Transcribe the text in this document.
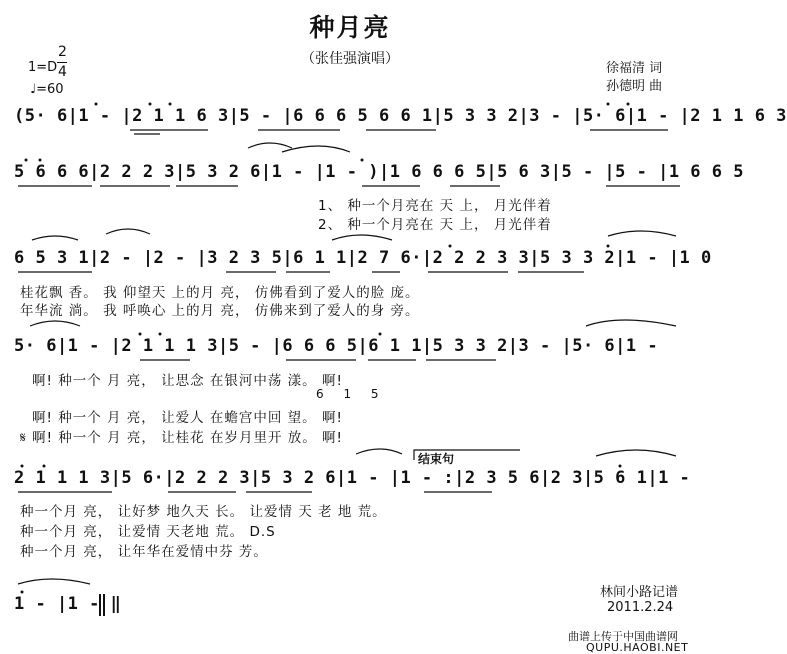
种月亮
（张佳强演唱）
1=D
2
4
♩=60
徐福清 词
孙德明 曲
(5· 6|1 - |2 1 1 6 3|5 - |6 6 6 5 6 6 1|5 3 3 2|3 - |5· 6|1 - |2 1 1 6 3
5 6 6 6|2 2 2 3|5 3 2 6|1 - |1 - )|1 6 6 6 5|5 6 3|5 - |5 - |1 6 6 5
1、 种一个月亮在 天 上， 月光伴着
2、 种一个月亮在 天 上， 月光伴着
6 5 3 1|2 - |2 - |3 2 3 5|6 1 1|2 7 6·|2 2 2 3 3|5 3 3 2|1 - |1 0
桂花飘 香。 我 仰望天 上的月 亮， 仿佛看到了爱人的脸 庞。
年华流 淌。 我 呼唤心 上的月 亮， 仿佛来到了爱人的身 旁。
5· 6|1 - |2 1 1 1 3|5 - |6 6 6 5|6 1 1|5 3 3 2|3 - |5· 6|1 -
啊! 种一个 月 亮， 让思念 在银河中荡 漾。 啊!
6 1 5
啊! 种一个 月 亮， 让爱人 在蟾宫中回 望。 啊!
𝄋 啊! 种一个 月 亮， 让桂花 在岁月里开 放。 啊!
结束句
2 1 1 1 3|5 6·|2 2 2 3|5 3 2 6|1 - |1 - :|2 3 5 6|2 3|5 6 1|1 -
种一个月 亮， 让好梦 地久天 长。 让爱情 天 老 地 荒。
种一个月 亮， 让爱情 天老地 荒。 D.S
种一个月 亮， 让年华在爱情中芬 芳。
1 - |1 - ‖
林间小路记谱
2011.2.24
曲谱上传于中国曲谱网
QUPU.HAOBI.NET
